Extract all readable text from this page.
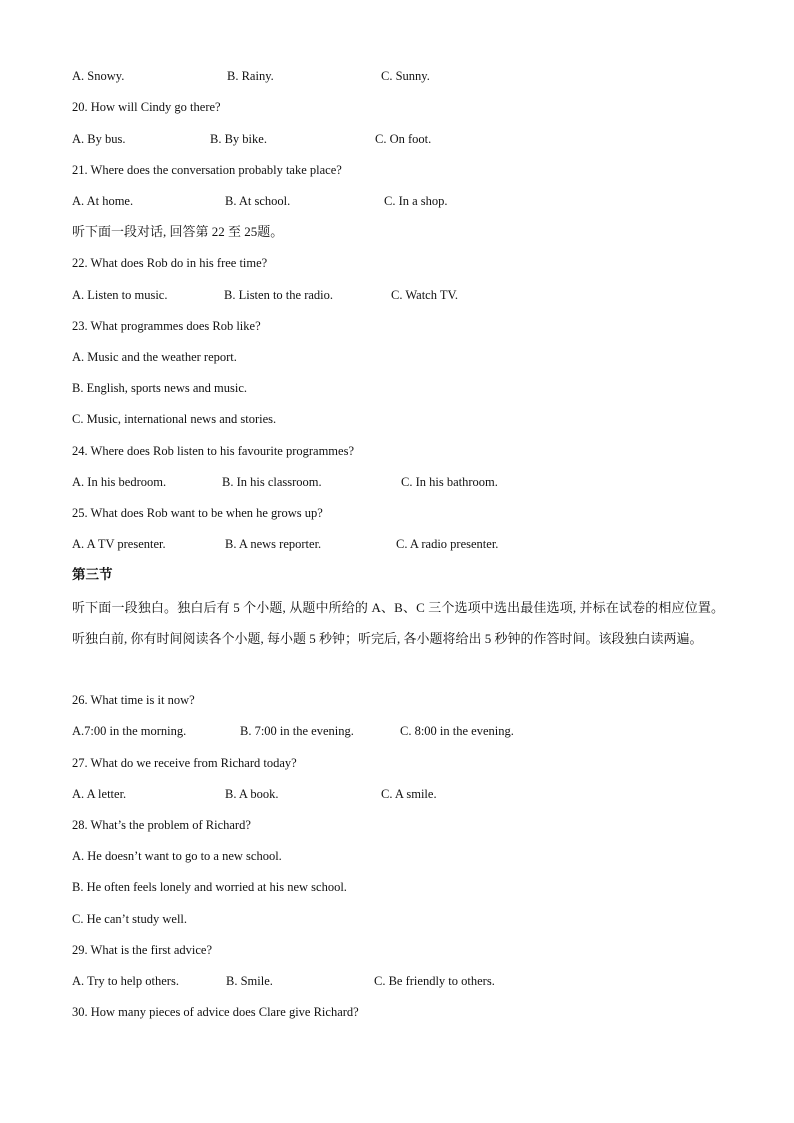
A. Snowy.	B. Rainy.	C. Sunny.
20. How will Cindy go there?
A. By bus.	B. By bike.	C. On foot.
21. Where does the conversation probably take place?
A. At home.	B. At school.	C. In a shop.
听下面一段对话, 回答第 22 至 25题。
22. What does Rob do in his free time?
A. Listen to music.	B. Listen to the radio.	C. Watch TV.
23. What programmes does Rob like?
A. Music and the weather report.
B. English, sports news and music.
C. Music, international news and stories.
24. Where does Rob listen to his favourite programmes?
A. In his bedroom.	B. In his classroom.	C. In his bathroom.
25. What does Rob want to be when he grows up?
A. A TV presenter.	B. A news reporter.	C. A radio presenter.
第三节
听下面一段独白。独白后有 5 个小题, 从题中所给的 A、B、C 三个选项中选出最佳选项, 并标在试卷的相应位置。听独白前, 你有时间阅读各个小题, 每小题 5 秒钟；听完后, 各小题将给出 5 秒钟的作答时间。该段独白读两遍。
26. What time is it now?
A.7:00 in the morning.	B. 7:00 in the evening.	C. 8:00 in the evening.
27. What do we receive from Richard today?
A. A letter.	B. A book.	C. A smile.
28. What’s the problem of Richard?
A. He doesn’t want to go to a new school.
B. He often feels lonely and worried at his new school.
C. He can’t study well.
29. What is the first advice?
A. Try to help others.	B. Smile.	C. Be friendly to others.
30. How many pieces of advice does Clare give Richard?
